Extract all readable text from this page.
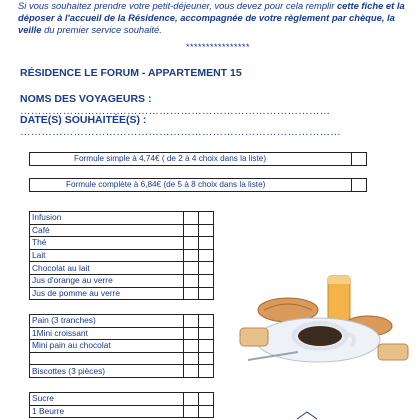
Si vous souhaitez prendre votre petit-déjeuner, vous devez pour cela remplir cette fiche et la déposer à l'accueil de la Résidence, accompagnée de votre règlement par chèque, la veille du premier service souhaité.
****************
RÉSIDENCE LE FORUM - APPARTEMENT 15
NOMS DES VOYAGEURS : ……………………………………………………………………………
DATE(S) SOUHAITÉE(S) : ………………………………………………………………………………
Formule simple à 4,74€ ( de 2 à 4 choix dans la liste)
Formule complète à 6,84€ (de 5 à 8 choix dans la liste)
Infusion		
Café		
Thé		
Lait		
Chocolat au lait		
Jus d'orange au verre		
Jus de pomme au verre		
Pain (3 tranches)		
1Mini croissant		
Mini pain au chocolat		

Biscottes (3 pièces)		
Sucre		
1 Beurre		
